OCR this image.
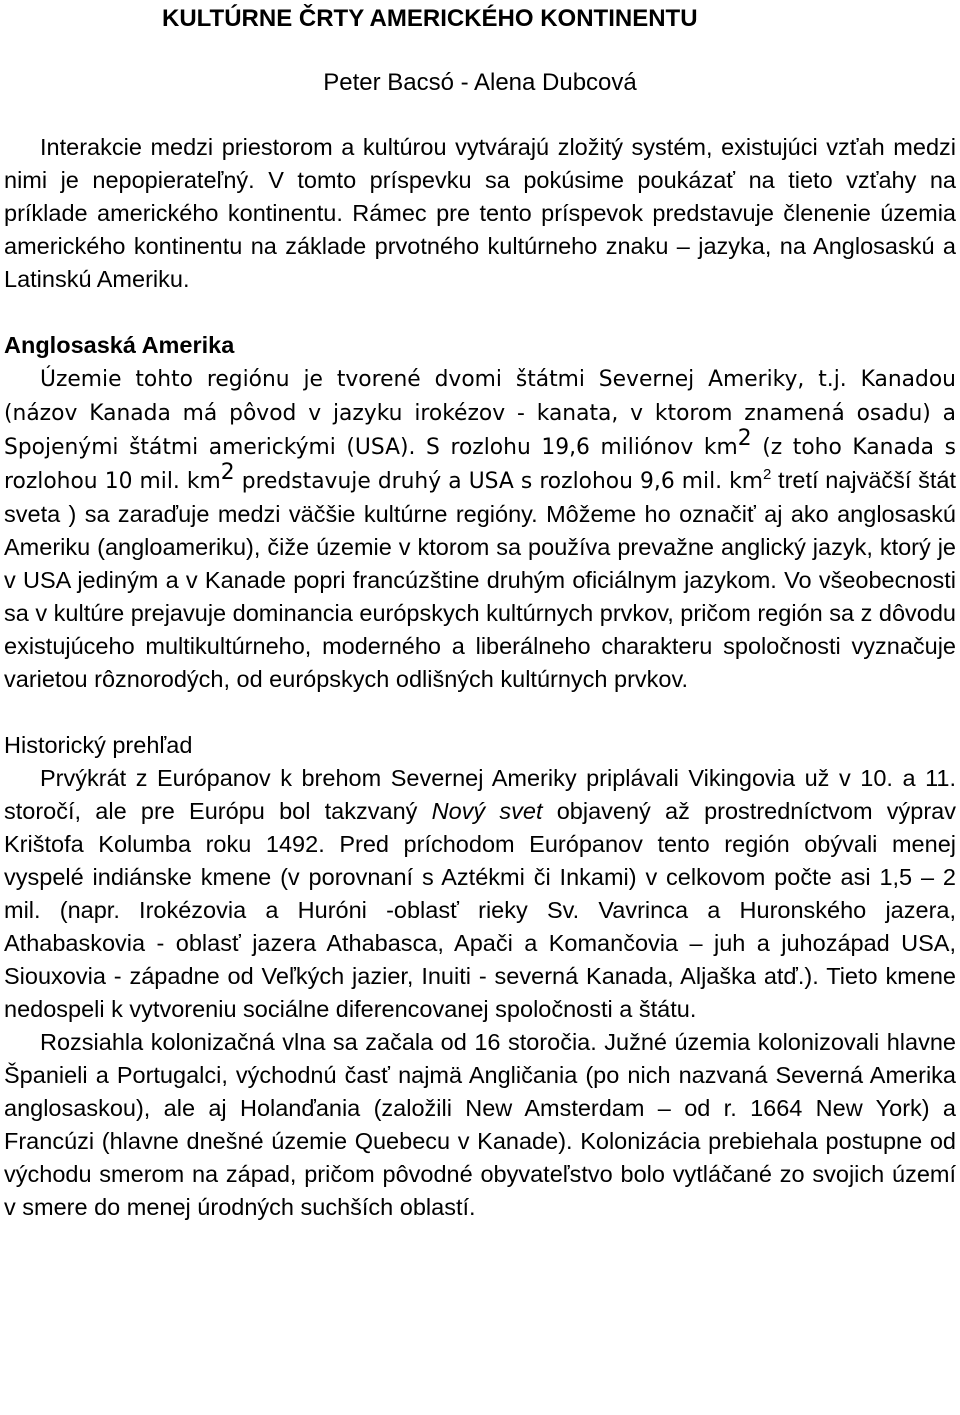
KULTÚRNE ČRTY AMERICKÉHO KONTINENTU
Peter Bacsó - Alena Dubcová

Interakcie medzi priestorom a kultúrou vytvárajú zložitý systém, existujúci vzťah medzi nimi je nepopierateľný. V tomto príspevku sa pokúsime poukázať na tieto vzťahy na príklade amerického kontinentu. Rámec pre tento príspevok predstavuje členenie územia amerického kontinentu na základe prvotného kultúrneho znaku – jazyka, na Anglosaskú a Latinskú Ameriku.

Anglosaská Amerika

Územie tohto regiónu je tvorené dvomi štátmi Severnej Ameriky, t.j. Kanadou (názov Kanada má pôvod v jazyku irokézov - kanata, v ktorom znamená osadu) a Spojenými štátmi americkými (USA). S rozlohu 19,6 miliónov $km^2$ (z toho Kanada s rozlohou 10 mil. $km^2$ predstavuje druhý a USA s rozlohou 9,6 mil. $km^2$ tretí najväčší štát sveta ) sa zaraďuje medzi väčšie kultúrne regióny. Môžeme ho označiť aj ako anglosaskú Ameriku (angloameriku), čiže územie v ktorom sa používa prevažne anglický jazyk, ktorý je v USA jediným a v Kanade popri francúzštine druhým oficiálnym jazykom. Vo všeobecnosti sa v kultúre prejavuje dominancia európskych kultúrnych prvkov, pričom región sa z dôvodu existujúceho multikultúrneho, moderného a liberálneho charakteru spoločnosti vyznačuje varietou rôznorodých, od európskych odlišných kultúrnych prvkov.

Historický prehľad

Prvýkrát z Európanov k brehom Severnej Ameriky priplávali Vikingovia už v 10. a 11. storočí, ale pre Európu bol takzvaný Nový svet objavený až prostredníctvom výprav Krištofa Kolumba roku 1492. Pred príchodom Európanov tento región obývali menej vyspelé indiánske kmene (v porovnaní s Aztékmi či Inkami) v celkovom počte asi 1,5 – 2 mil. (napr. Irokézovia a Huróni -oblasť rieky Sv. Vavrinca a Huronského jazera, Athabaskovia - oblasť jazera Athabasca, Apači a Komančovia – juh a juhozápad USA, Siouxovia - západne od Veľkých jazier, Inuiti - severná Kanada, Aljaška atď.). Tieto kmene nedospeli k vytvoreniu sociálne diferencovanej spoločnosti a štátu.

Rozsiahla kolonizačná vlna sa začala od 16 storočia. Južné územia kolonizovali hlavne Španieli a Portugalci, východnú časť najmä Angličania (po nich nazvaná Severná Amerika anglosaskou), ale aj Holanďania (založili New Amsterdam – od r. 1664 New York) a Francúzi (hlavne dnešné územie Quebecu v Kanade). Kolonizácia prebiehala postupne od východu smerom na západ, pričom pôvodné obyvateľstvo bolo vytláčané zo svojich území v smere do menej úrodných suchších oblastí.
